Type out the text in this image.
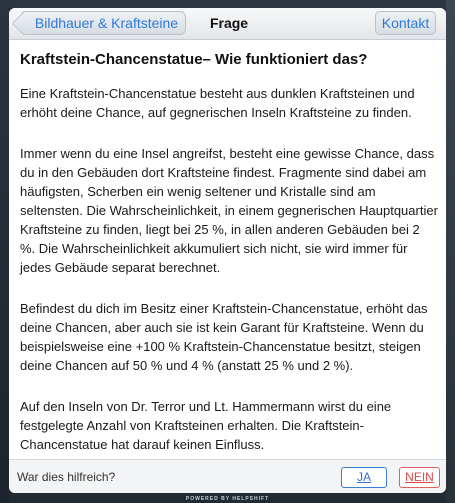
Bildhauer & Kraftsteine	Frage	Kontakt
Kraftstein-Chancenstatue– Wie funktioniert das?

Eine Kraftstein-Chancenstatue besteht aus dunklen Kraftsteinen und erhöht deine Chance, auf gegnerischen Inseln Kraftsteine zu finden.

Immer wenn du eine Insel angreifst, besteht eine gewisse Chance, dass du in den Gebäuden dort Kraftsteine findest. Fragmente sind dabei am häufigsten, Scherben ein wenig seltener und Kristalle sind am seltensten. Die Wahrscheinlichkeit, in einem gegnerischen Hauptquartier Kraftsteine zu finden, liegt bei 25 %, in allen anderen Gebäuden bei 2 %. Die Wahrscheinlichkeit akkumuliert sich nicht, sie wird immer für jedes Gebäude separat berechnet.

Befindest du dich im Besitz einer Kraftstein-Chancenstatue, erhöht das deine Chancen, aber auch sie ist kein Garant für Kraftsteine. Wenn du beispielsweise eine +100 % Kraftstein-Chancenstatue besitzt, steigen deine Chancen auf 50 % und 4 % (anstatt 25 % und 2 %).

Auf den Inseln von Dr. Terror und Lt. Hammermann wirst du eine festgelegte Anzahl von Kraftsteinen erhalten. Die Kraftstein-Chancenstatue hat darauf keinen Einfluss.

War dies hilfreich?	JA	NEIN
POWERED BY HELPSHIFT
